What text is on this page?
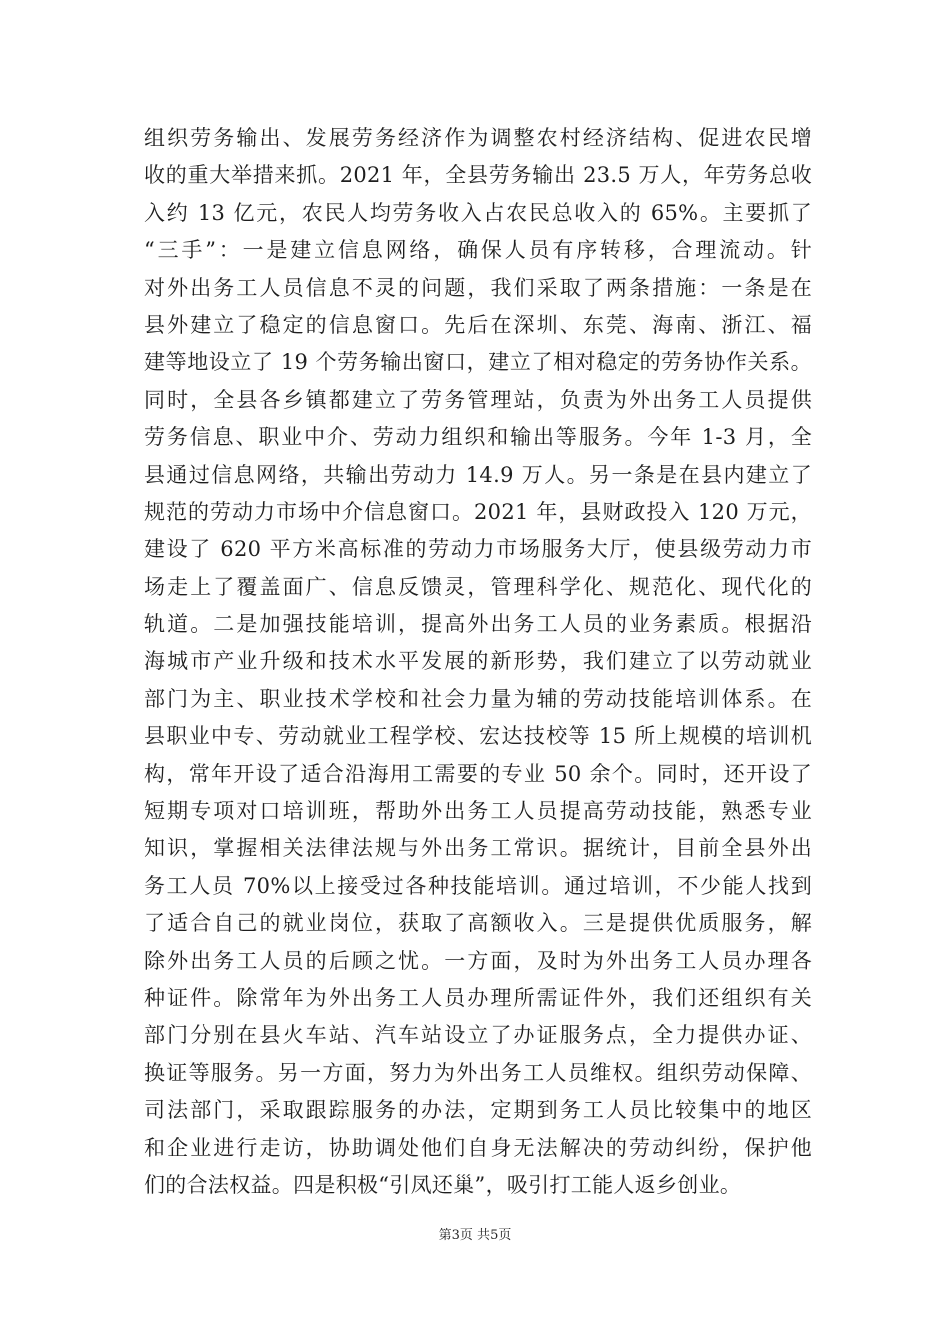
组织劳务输出、发展劳务经济作为调整农村经济结构、促进农民增
收的重大举措来抓。2021 年，全县劳务输出 23.5 万人，年劳务总收
入约 13 亿元，农民人均劳务收入占农民总收入的 65%。主要抓了
“三手”：一是建立信息网络，确保人员有序转移，合理流动。针
对外出务工人员信息不灵的问题，我们采取了两条措施：一条是在
县外建立了稳定的信息窗口。先后在深圳、东莞、海南、浙江、福
建等地设立了 19 个劳务输出窗口，建立了相对稳定的劳务协作关系。
同时，全县各乡镇都建立了劳务管理站，负责为外出务工人员提供
劳务信息、职业中介、劳动力组织和输出等服务。今年 1-3 月，全
县通过信息网络，共输出劳动力 14.9 万人。另一条是在县内建立了
规范的劳动力市场中介信息窗口。2021 年，县财政投入 120 万元，
建设了 620 平方米高标准的劳动力市场服务大厅，使县级劳动力市
场走上了覆盖面广、信息反馈灵，管理科学化、规范化、现代化的
轨道。二是加强技能培训，提高外出务工人员的业务素质。根据沿
海城市产业升级和技术水平发展的新形势，我们建立了以劳动就业
部门为主、职业技术学校和社会力量为辅的劳动技能培训体系。在
县职业中专、劳动就业工程学校、宏达技校等 15 所上规模的培训机
构，常年开设了适合沿海用工需要的专业 50 余个。同时，还开设了
短期专项对口培训班，帮助外出务工人员提高劳动技能，熟悉专业
知识，掌握相关法律法规与外出务工常识。据统计，目前全县外出
务工人员 70%以上接受过各种技能培训。通过培训，不少能人找到
了适合自己的就业岗位，获取了高额收入。三是提供优质服务，解
除外出务工人员的后顾之忧。一方面，及时为外出务工人员办理各
种证件。除常年为外出务工人员办理所需证件外，我们还组织有关
部门分别在县火车站、汽车站设立了办证服务点，全力提供办证、
换证等服务。另一方面，努力为外出务工人员维权。组织劳动保障、
司法部门，采取跟踪服务的办法，定期到务工人员比较集中的地区
和企业进行走访，协助调处他们自身无法解决的劳动纠纷，保护他
们的合法权益。四是积极“引凤还巢”，吸引打工能人返乡创业。
第3页 共5页
